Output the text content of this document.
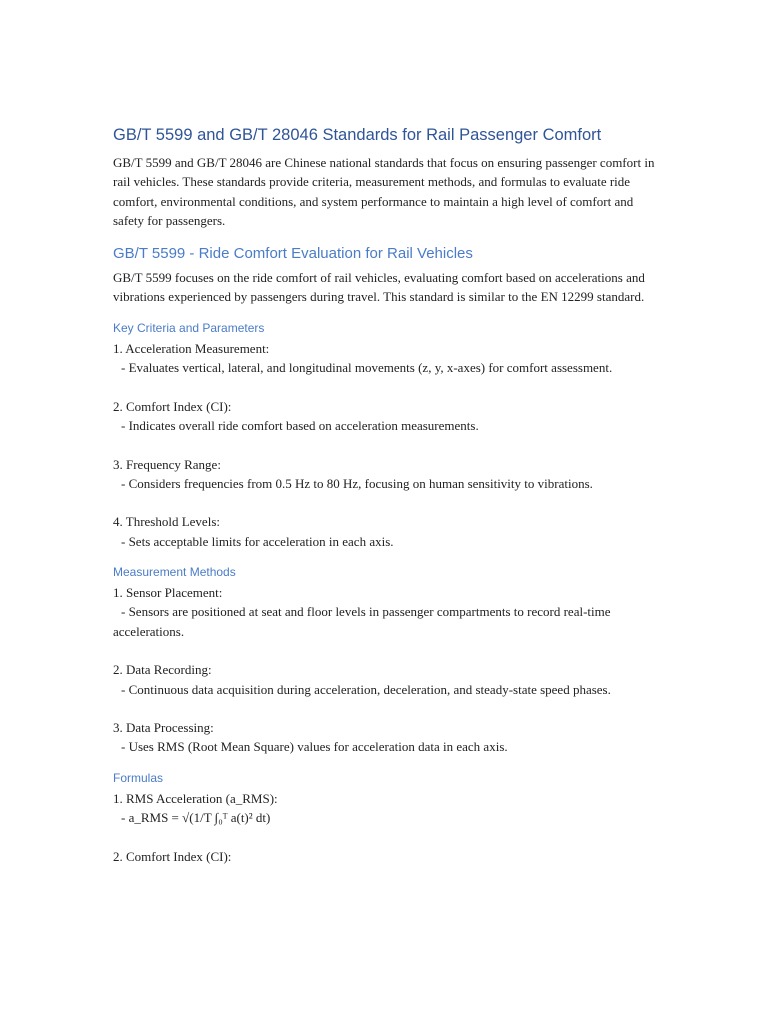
GB/T 5599 and GB/T 28046 Standards for Rail Passenger Comfort

GB/T 5599 and GB/T 28046 are Chinese national standards that focus on ensuring passenger comfort in rail vehicles. These standards provide criteria, measurement methods, and formulas to evaluate ride comfort, environmental conditions, and system performance to maintain a high level of comfort and safety for passengers.

GB/T 5599 - Ride Comfort Evaluation for Rail Vehicles

GB/T 5599 focuses on the ride comfort of rail vehicles, evaluating comfort based on accelerations and vibrations experienced by passengers during travel. This standard is similar to the EN 12299 standard.

Key Criteria and Parameters
1. Acceleration Measurement:
- Evaluates vertical, lateral, and longitudinal movements (z, y, x-axes) for comfort assessment.
2. Comfort Index (CI):
- Indicates overall ride comfort based on acceleration measurements.
3. Frequency Range:
- Considers frequencies from 0.5 Hz to 80 Hz, focusing on human sensitivity to vibrations.
4. Threshold Levels:
- Sets acceptable limits for acceleration in each axis.
Measurement Methods
1. Sensor Placement:
- Sensors are positioned at seat and floor levels in passenger compartments to record real-time accelerations.
2. Data Recording:
- Continuous data acquisition during acceleration, deceleration, and steady-state speed phases.
3. Data Processing:
- Uses RMS (Root Mean Square) values for acceleration data in each axis.
Formulas
1. RMS Acceleration (a_RMS):
- a_RMS = √(1/T ∫₀ᵀ a(t)² dt)
2. Comfort Index (CI):
